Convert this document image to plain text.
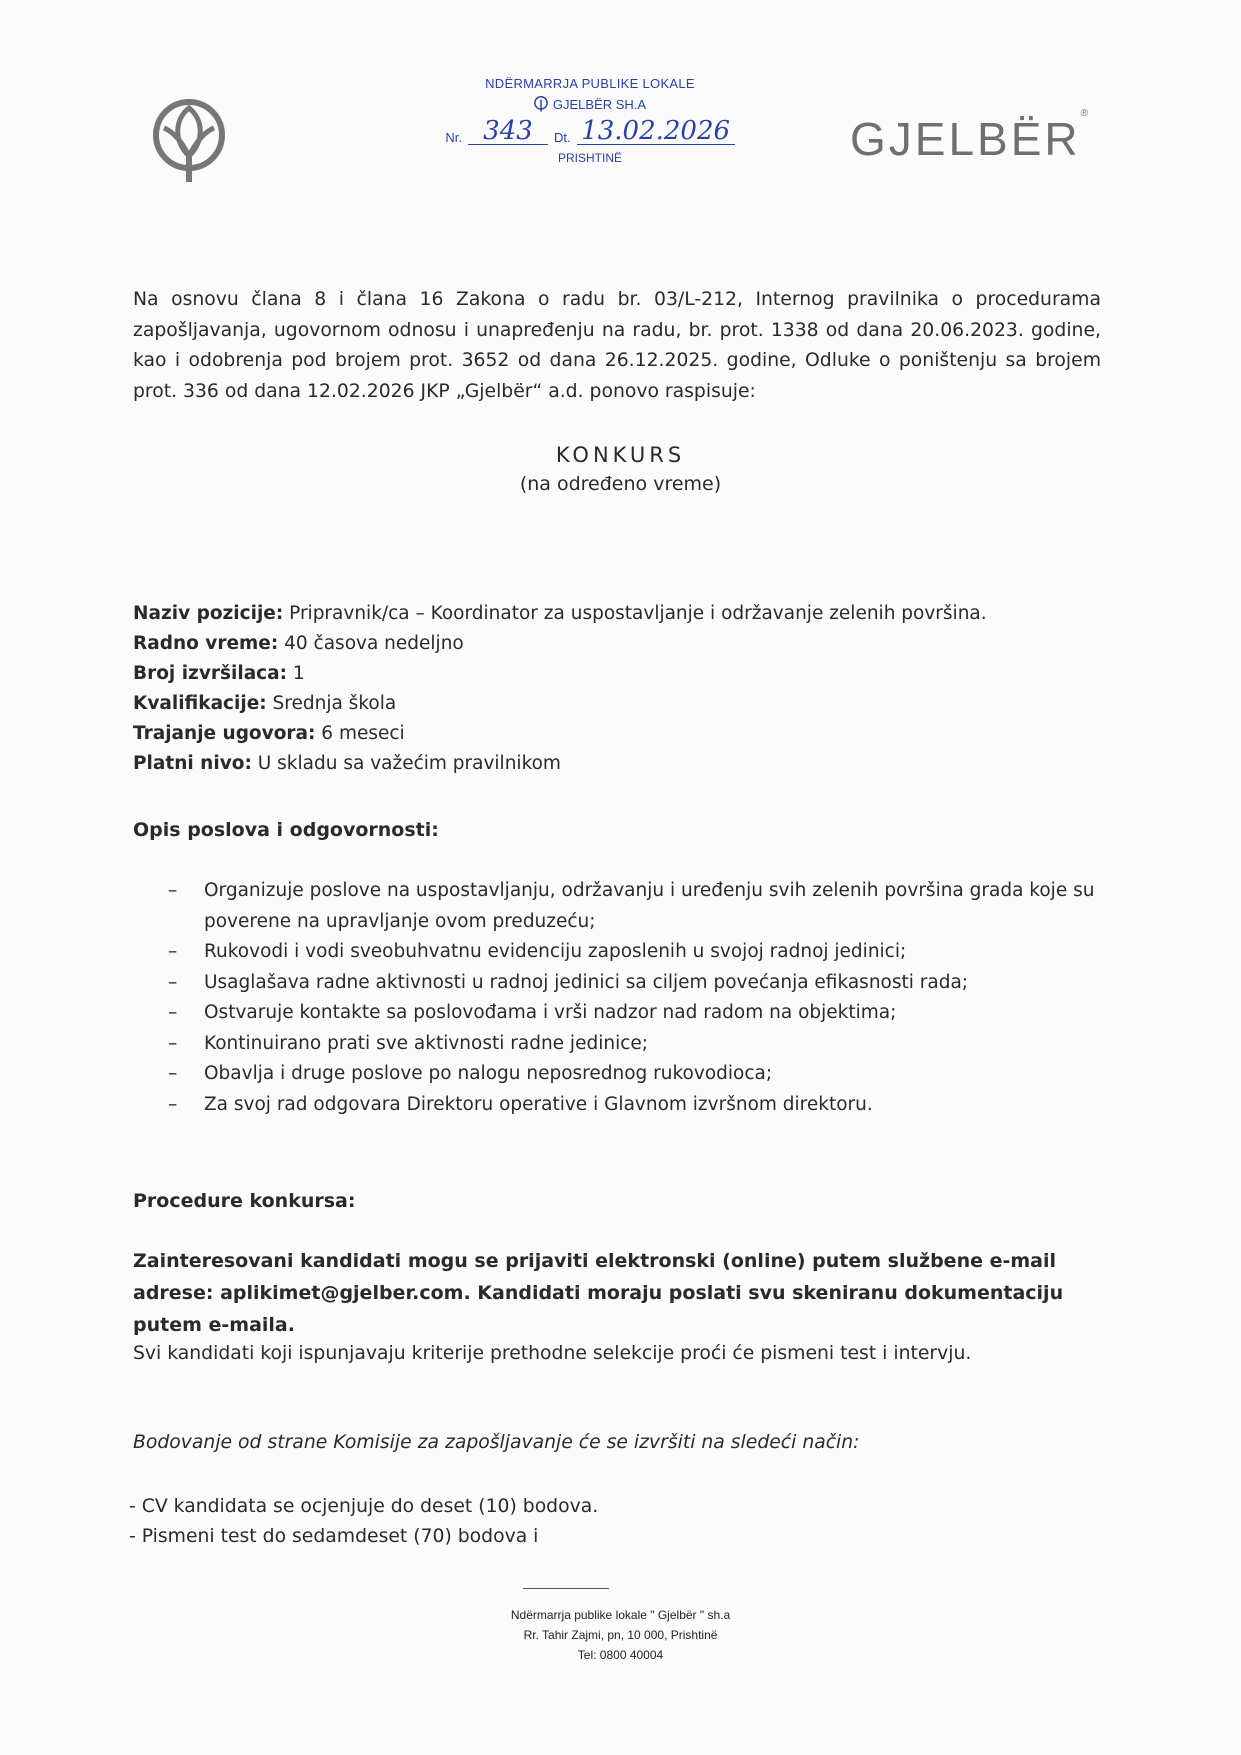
NDËRMARRJA PUBLIKE LOKALE
GJELBËR SH.A
Nr. 343	Dt. 13.02.2026
PRISHTINË	GJELBËR®
Na osnovu člana 8 i člana 16 Zakona o radu br. 03/L-212, Internog pravilnika o procedurama zapošljavanja, ugovornom odnosu i unapređenju na radu, br. prot. 1338 od dana 20.06.2023. godine, kao i odobrenja pod brojem prot. 3652 od dana 26.12.2025. godine, Odluke o poništenju sa brojem prot. 336 od dana 12.02.2026 JKP „Gjelbër“ a.d. ponovo raspisuje:
KONKURS
(na određeno vreme)
Naziv pozicije: Pripravnik/ca – Koordinator za uspostavljanje i održavanje zelenih površina.
Radno vreme: 40 časova nedeljno
Broj izvršilaca: 1
Kvalifikacije: Srednja škola
Trajanje ugovora: 6 meseci
Platni nivo: U skladu sa važećim pravilnikom
Opis poslova i odgovornosti:
– Organizuje poslove na uspostavljanju, održavanju i uređenju svih zelenih površina grada koje su poverene na upravljanje ovom preduzeću;
– Rukovodi i vodi sveobuhvatnu evidenciju zaposlenih u svojoj radnoj jedinici;
– Usaglašava radne aktivnosti u radnoj jedinici sa ciljem povećanja efikasnosti rada;
– Ostvaruje kontakte sa poslovođama i vrši nadzor nad radom na objektima;
– Kontinuirano prati sve aktivnosti radne jedinice;
– Obavlja i druge poslove po nalogu neposrednog rukovodioca;
– Za svoj rad odgovara Direktoru operative i Glavnom izvršnom direktoru.
Procedure konkursa:
Zainteresovani kandidati mogu se prijaviti elektronski (online) putem službene e-mail adrese: aplikimet@gjelber.com. Kandidati moraju poslati svu skeniranu dokumentaciju putem e-maila.
Svi kandidati koji ispunjavaju kriterije prethodne selekcije proći će pismeni test i intervju.
Bodovanje od strane Komisije za zapošljavanje će se izvršiti na sledeći način:
- CV kandidata se ocjenjuje do deset (10) bodova.
- Pismeni test do sedamdeset (70) bodova i
Ndërmarrja publike lokale " Gjelbër " sh.a
Rr. Tahir Zajmi, pn, 10 000, Prishtinë
Tel: 0800 40004
